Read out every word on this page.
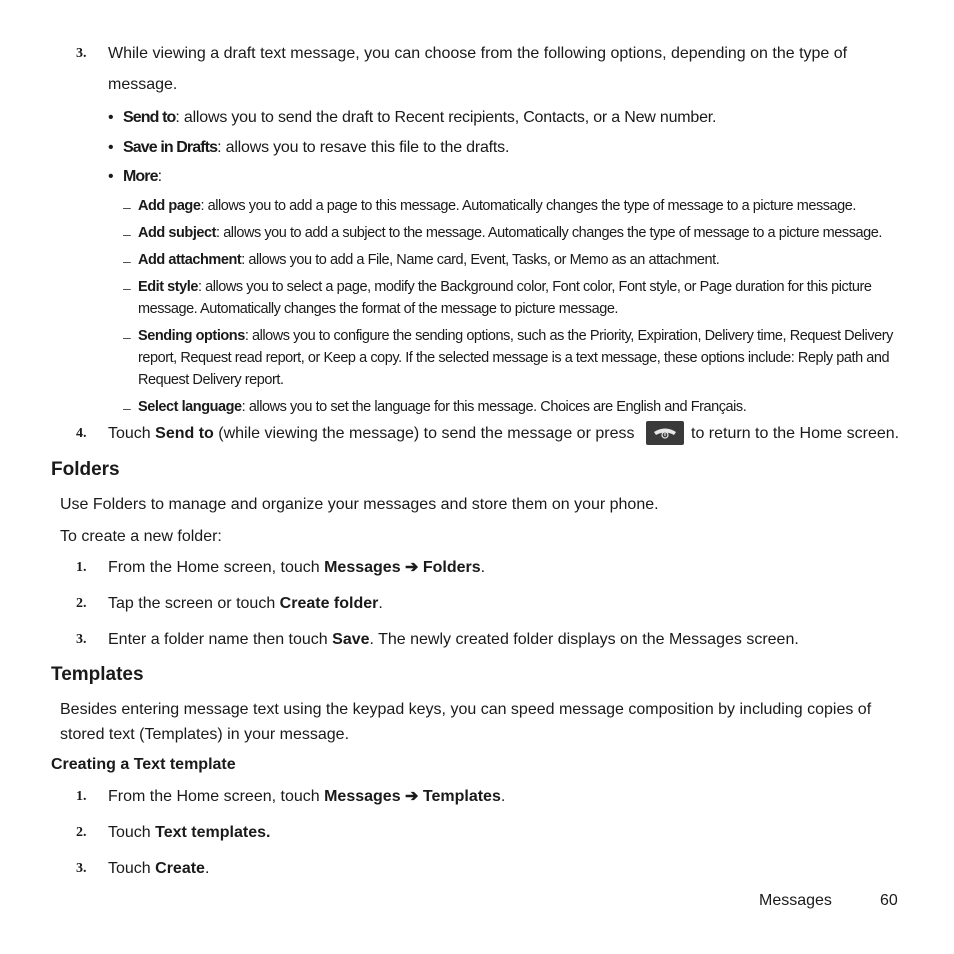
3.	While viewing a draft text message, you can choose from the following options, depending on the type of
message.
• Send to: allows you to send the draft to Recent recipients, Contacts, or a New number.
• Save in Drafts: allows you to resave this file to the drafts.
• More:
– Add page: allows you to add a page to this message. Automatically changes the type of message to a picture message.
– Add subject: allows you to add a subject to the message. Automatically changes the type of message to a picture message.
– Add attachment: allows you to add a File, Name card, Event, Tasks, or Memo as an attachment.
– Edit style: allows you to select a page, modify the Background color, Font color, Font style, or Page duration for this picture message. Automatically changes the format of the message to picture message.
– Sending options: allows you to configure the sending options, such as the Priority, Expiration, Delivery time, Request Delivery report, Request read report, or Keep a copy. If the selected message is a text message, these options include: Reply path and Request Delivery report.
– Select language: allows you to set the language for this message. Choices are English and Français.
4.	Touch Send to (while viewing the message) to send the message or press	to return to the Home screen.
Folders
Use Folders to manage and organize your messages and store them on your phone.
To create a new folder:
1.	From the Home screen, touch Messages ➔ Folders.
2.	Tap the screen or touch Create folder.
3.	Enter a folder name then touch Save. The newly created folder displays on the Messages screen.
Templates
Besides entering message text using the keypad keys, you can speed message composition by including copies of stored text (Templates) in your message.
Creating a Text template
1.	From the Home screen, touch Messages ➔ Templates.
2.	Touch Text templates.
3.	Touch Create.
Messages	60
